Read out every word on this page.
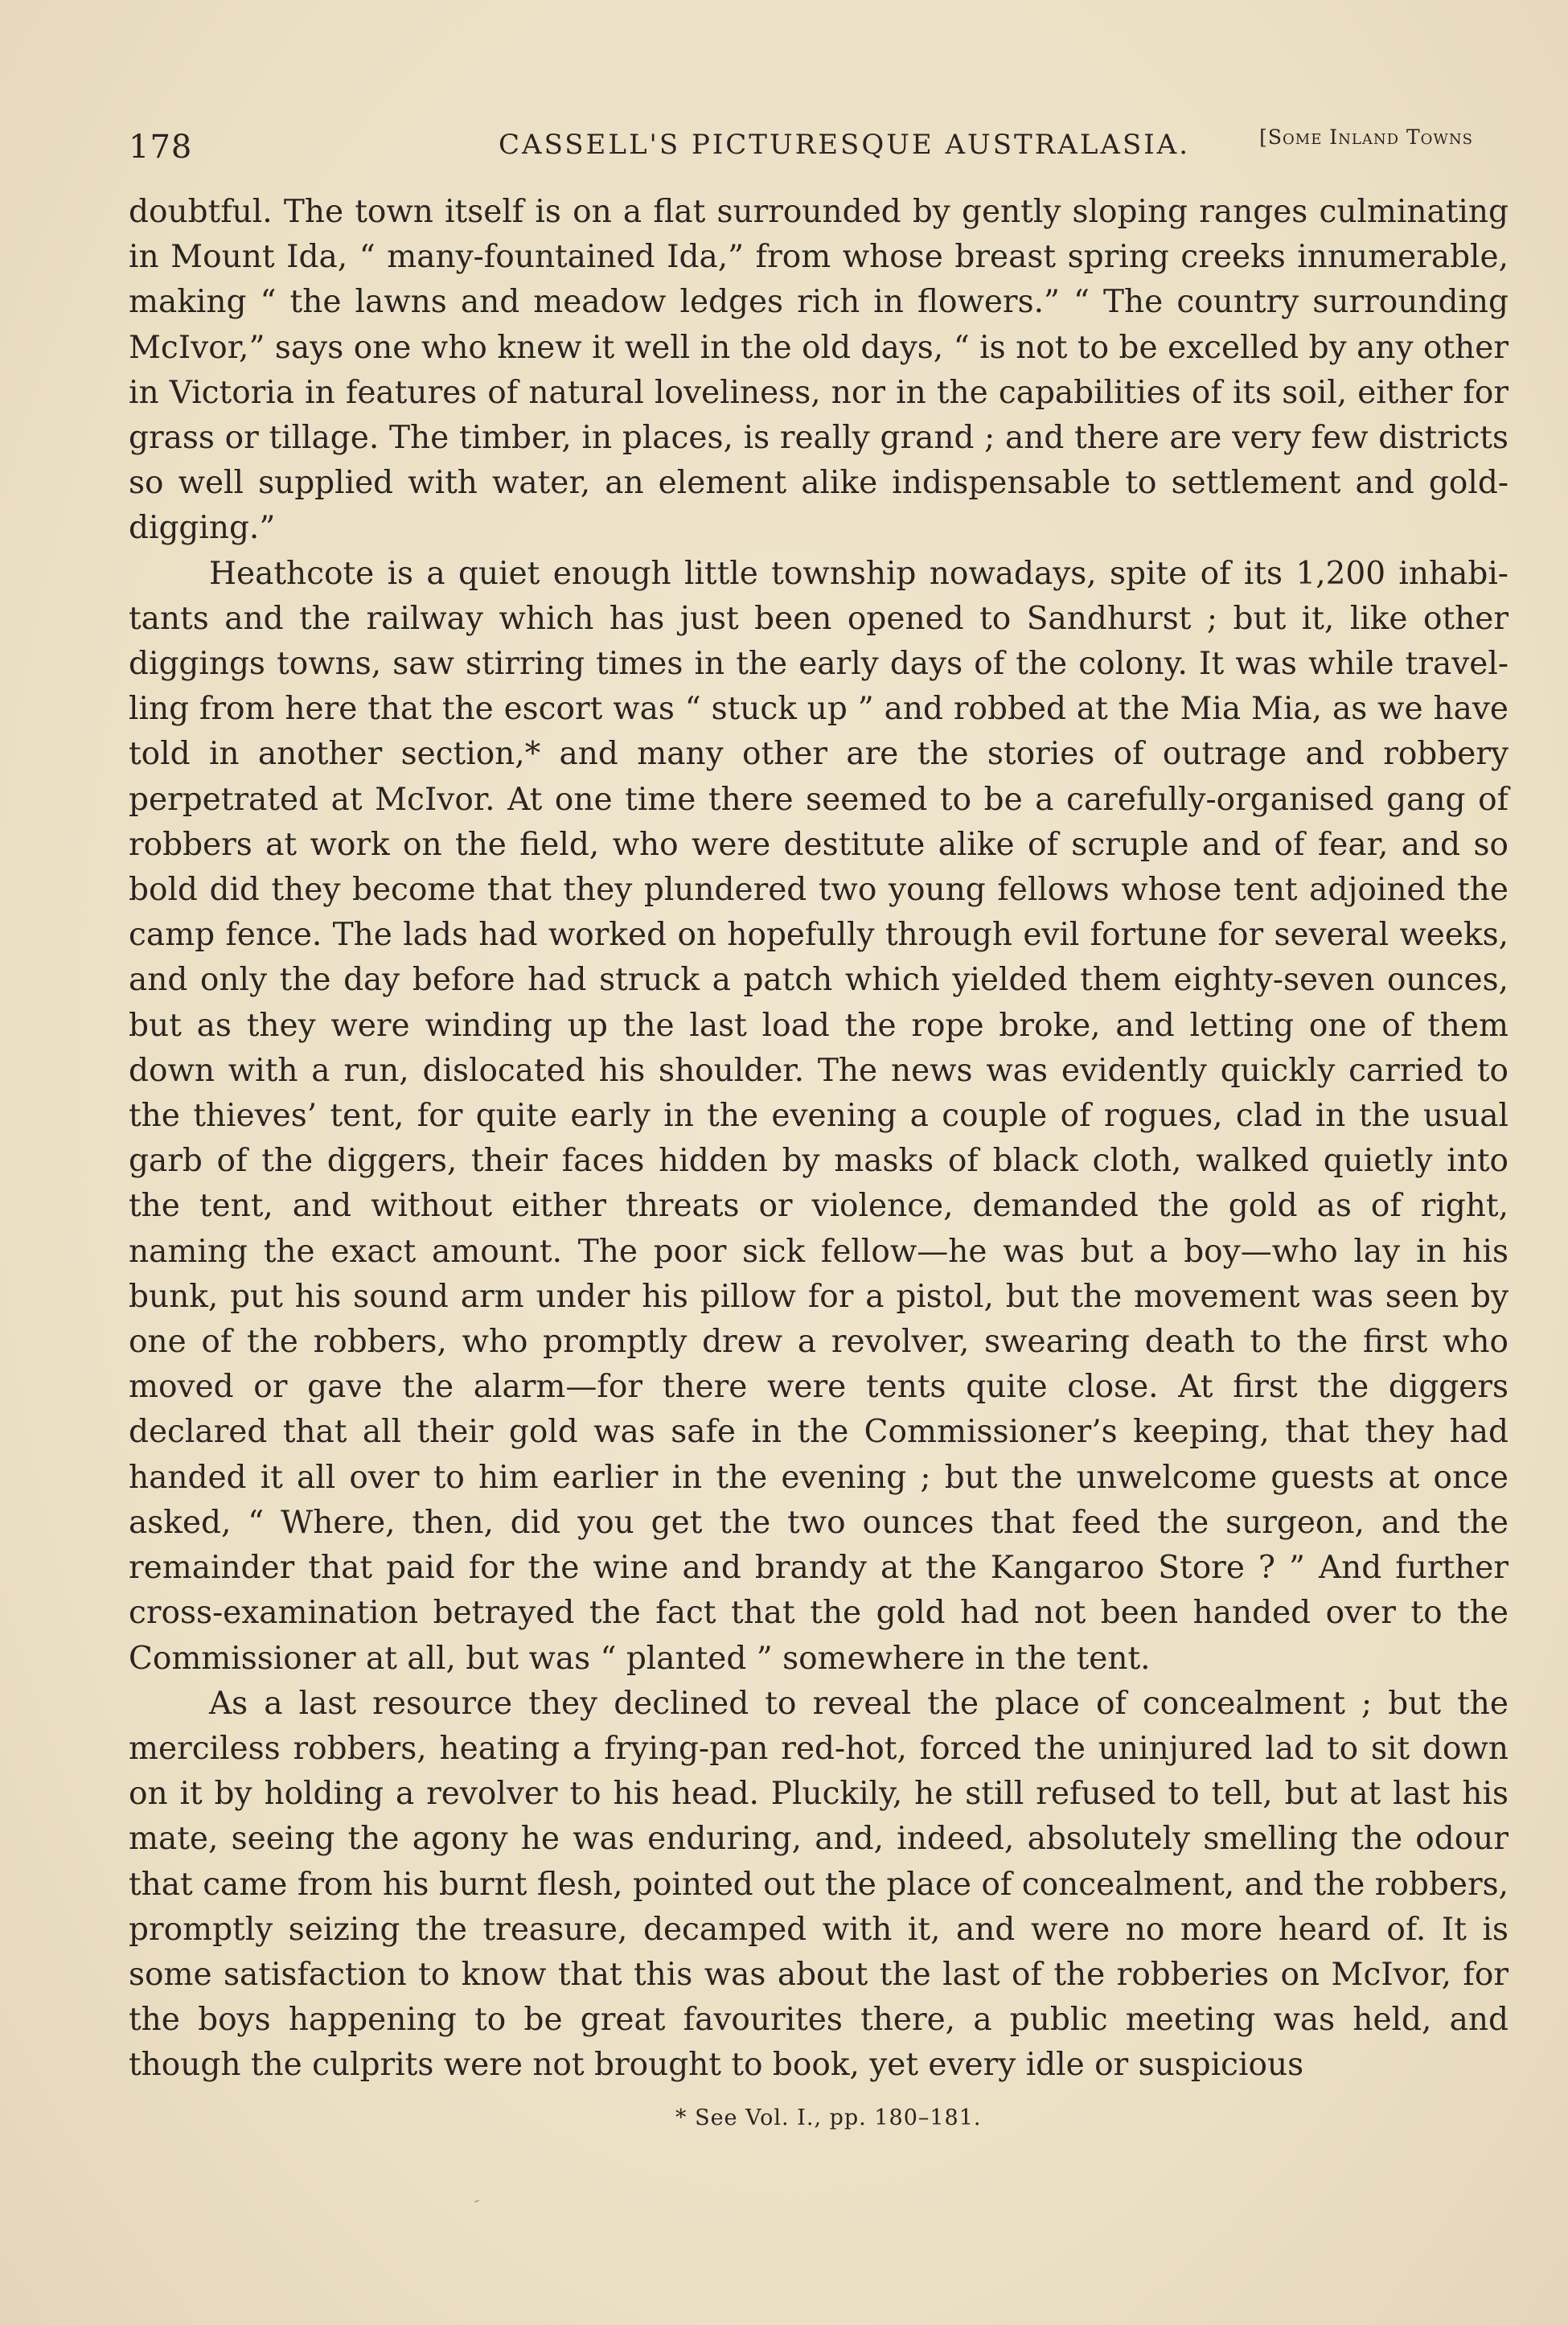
178	CASSELL'S PICTURESQUE AUSTRALASIA.	[Some Inland Towns

doubtful. The town itself is on a flat surrounded by gently sloping ranges culminating in Mount Ida, “ many-fountained Ida,” from whose breast spring creeks innumerable, making “ the lawns and meadow ledges rich in flowers.” “ The country surrounding McIvor,” says one who knew it well in the old days, “ is not to be excelled by any other in Victoria in features of natural loveliness, nor in the capabilities of its soil, either for grass or tillage. The timber, in places, is really grand ; and there are very few districts so well supplied with water, an element alike indispensable to settlement and gold-digging.”

Heathcote is a quiet enough little township nowadays, spite of its 1,200 inhabi-tants and the railway which has just been opened to Sandhurst ; but it, like other diggings towns, saw stirring times in the early days of the colony. It was while travel-ling from here that the escort was “ stuck up ” and robbed at the Mia Mia, as we have told in another section,* and many other are the stories of outrage and robbery perpetrated at McIvor. At one time there seemed to be a carefully-organised gang of robbers at work on the field, who were destitute alike of scruple and of fear, and so bold did they become that they plundered two young fellows whose tent adjoined the camp fence. The lads had worked on hopefully through evil fortune for several weeks, and only the day before had struck a patch which yielded them eighty-seven ounces, but as they were winding up the last load the rope broke, and letting one of them down with a run, dislocated his shoulder. The news was evidently quickly carried to the thieves’ tent, for quite early in the evening a couple of rogues, clad in the usual garb of the diggers, their faces hidden by masks of black cloth, walked quietly into the tent, and without either threats or violence, demanded the gold as of right, naming the exact amount. The poor sick fellow—he was but a boy—who lay in his bunk, put his sound arm under his pillow for a pistol, but the movement was seen by one of the robbers, who promptly drew a revolver, swearing death to the first who moved or gave the alarm—for there were tents quite close. At first the diggers declared that all their gold was safe in the Commissioner’s keeping, that they had handed it all over to him earlier in the evening ; but the unwelcome guests at once asked, “ Where, then, did you get the two ounces that feed the surgeon, and the remainder that paid for the wine and brandy at the Kangaroo Store ? ” And further cross-examination betrayed the fact that the gold had not been handed over to the Commissioner at all, but was “ planted ” somewhere in the tent.

As a last resource they declined to reveal the place of concealment ; but the merciless robbers, heating a frying-pan red-hot, forced the uninjured lad to sit down on it by holding a revolver to his head. Pluckily, he still refused to tell, but at last his mate, seeing the agony he was enduring, and, indeed, absolutely smelling the odour that came from his burnt flesh, pointed out the place of concealment, and the robbers, promptly seizing the treasure, decamped with it, and were no more heard of. It is some satisfaction to know that this was about the last of the robberies on McIvor, for the boys happening to be great favourites there, a public meeting was held, and though the culprits were not brought to book, yet every idle or suspicious

* See Vol. I., pp. 180–181.
